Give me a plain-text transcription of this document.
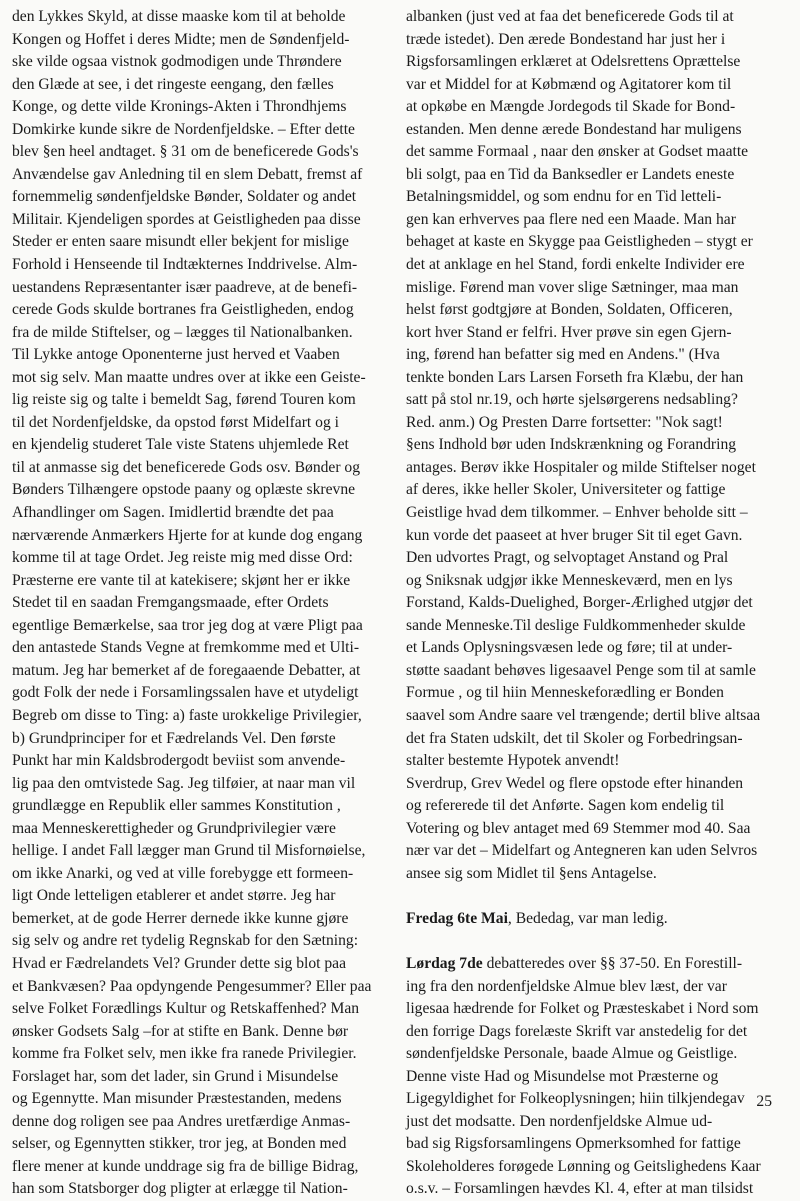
den Lykkes Skyld, at disse maaske kom til at beholde
Kongen og Hoffet i deres Midte; men de Søndenfjeld-
ske vilde ogsaa vistnok godmodigen unde Thrøndere
den Glæde at see, i det ringeste eengang, den fælles
Konge, og dette vilde Kronings-Akten i Throndhjems
Domkirke kunde sikre de Nordenfjeldske. – Efter dette
blev §en heel andtaget. § 31 om de beneficerede Gods's
Anvændelse gav Anledning til en slem Debatt, fremst af
fornemmelig søndenfjeldske Bønder, Soldater og andet
Militair. Kjendeligen spordes at Geistligheden paa disse
Steder er enten saare misundt eller bekjent for mislige
Forhold i Henseende til Indtækternes Inddrivelse. Alm-
uestandens Repræsentanter især paadreve, at de benefi-
cerede Gods skulde bortranes fra Geistligheden, endog
fra de milde Stiftelser, og – lægges til Nationalbanken.
Til Lykke antoge Oponenterne just herved et Vaaben
mot sig selv. Man maatte undres over at ikke een Geiste-
lig reiste sig og talte i bemeldt Sag, førend Touren kom
til det Nordenfjeldske, da opstod først Midelfart og i
en kjendelig studeret Tale viste Statens uhjemlede Ret
til at anmasse sig det beneficerede Gods osv. Bønder og
Bønders Tilhængere opstode paany og oplæste skrevne
Afhandlinger om Sagen. Imidlertid brændte det paa
nærværende Anmærkers Hjerte for at kunde dog engang
komme til at tage Ordet. Jeg reiste mig med disse Ord:
Præsterne ere vante til at katekisere; skjønt her er ikke
Stedet til en saadan Fremgangsmaade, efter Ordets
egentlige Bemærkelse, saa tror jeg dog at være Pligt paa
den antastede Stands Vegne at fremkomme med et Ulti-
matum. Jeg har bemerket af de foregaaende Debatter, at
godt Folk der nede i Forsamlingssalen have et utydeligt
Begreb om disse to Ting: a) faste urokkelige Privilegier,
b) Grundprinciper for et Fædrelands Vel. Den første
Punkt har min Kaldsbrodergodt beviist som anvende-
lig paa den omtvistede Sag. Jeg tilføier, at naar man vil
grundlægge en Republik eller sammes Konstitution ,
maa Menneskerettigheder og Grundprivilegier være
hellige. I andet Fall lægger man Grund til Misfornøielse,
om ikke Anarki, og ved at ville forebygge ett formeen-
ligt Onde letteligen etablerer et andet større. Jeg har
bemerket, at de gode Herrer dernede ikke kunne gjøre
sig selv og andre ret tydelig Regnskab for den Sætning:
Hvad er Fædrelandets Vel? Grunder dette sig blot paa
et Bankvæsen? Paa opdyngende Pengesummer? Eller paa
selve Folket Forædlings Kultur og Retskaffenhed? Man
ønsker Godsets Salg –for at stifte en Bank. Denne bør
komme fra Folket selv, men ikke fra ranede Privilegier.
Forslaget har, som det lader, sin Grund i Misundelse
og Egennytte. Man misunder Præstestanden, medens
denne dog roligen see paa Andres uretfærdige Anmas-
selser, og Egennytten stikker, tror jeg, at Bonden med
flere mener at kunde unddrage sig fra de billige Bidrag,
han som Statsborger dog pligter at erlægge til Nation-
albanken (just ved at faa det beneficerede Gods til at
træde istedet). Den ærede Bondestand har just her i
Rigsforsamlingen erklæret at Odelsrettens Oprættelse
var et Middel for at Købmænd og Agitatorer kom til
at opkøbe en Mængde Jordegods til Skade for Bond-
estanden. Men denne ærede Bondestand har muligens
det samme Formaal , naar den ønsker at Godset maatte
bli solgt, paa en Tid da Banksedler er Landets eneste
Betalningsmiddel, og som endnu for en Tid letteli-
gen kan erhverves paa flere ned een Maade. Man har
behaget at kaste en Skygge paa Geistligheden – stygt er
det at anklage en hel Stand, fordi enkelte Individer ere
mislige. Førend man vover slige Sætninger, maa man
helst først godtgjøre at Bonden, Soldaten, Officeren,
kort hver Stand er felfri. Hver prøve sin egen Gjern-
ing, førend han befatter sig med en Andens." (Hva
tenkte bonden Lars Larsen Forseth fra Klæbu, der han
satt på stol nr.19, och hørte sjelsørgerens nedsabling?
Red. anm.) Og Presten Darre fortsetter: "Nok sagt!
§ens Indhold bør uden Indskrænkning og Forandring
antages. Berøv ikke Hospitaler og milde Stiftelser noget
af deres, ikke heller Skoler, Universiteter og fattige
Geistlige hvad dem tilkommer. – Enhver beholde sitt –
kun vorde det paaseet at hver bruger Sit til eget Gavn.
Den udvortes Pragt, og selvoptaget Anstand og Pral
og Sniksnak udgjør ikke Menneskeværd, men en lys
Forstand, Kalds-Duelighed, Borger-Ærlighed utgjør det
sande Menneske.Til deslige Fuldkommenheder skulde
et Lands Oplysningsvæsen lede og føre; til at under-
støtte saadant behøves ligesaavel Penge som til at samle
Formue , og til hiin Menneskeforædling er Bonden
saavel som Andre saare vel trængende; dertil blive altsaa
det fra Staten udskilt, det til Skoler og Forbedringsan-
stalter bestemte Hypotek anvendt!
Sverdrup, Grev Wedel og flere opstode efter hinanden
og refererede til det Anførte. Sagen kom endelig til
Votering og blev antaget med 69 Stemmer mod 40. Saa
nær var det – Midelfart og Antegneren kan uden Selvros
ansee sig som Midlet til §ens Antagelse.
Fredag 6te Mai, Bededag, var man ledig.
Lørdag 7de debatteredes over §§ 37-50. En Forestill-
ing fra den nordenfjeldske Almue blev læst, der var
ligesaa hædrende for Folket og Præsteskabet i Nord som
den forrige Dags forelæste Skrift var anstedelig for det
søndenfjeldske Personale, baade Almue og Geistlige.
Denne viste Had og Misundelse mot Præsterne og
Ligegyldighet for Folkeoplysningen; hiin tilkjendegav
just det modsatte. Den nordenfjeldske Almue ud-
bad sig Rigsforsamlingens Opmerksomhed for fattige
Skoleholderes forøgede Lønning og Geitslighedens Kaar
o.s.v. – Forsamlingen hævdes Kl. 4, efter at man tilsidst
25
